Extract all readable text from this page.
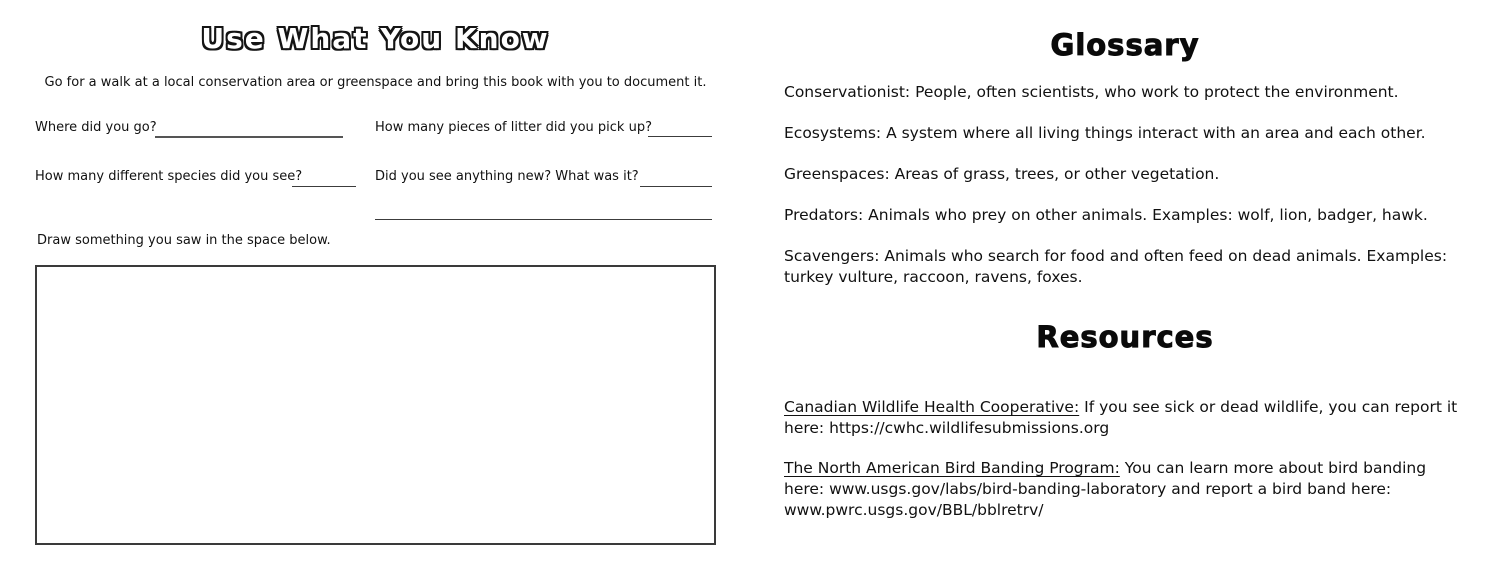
Use What You Know
Go for a walk at a local conservation area or greenspace and bring this book with you to document it.
Where did you go?	How many pieces of litter did you pick up?
How many different species did you see?	Did you see anything new? What was it?
Draw something you saw in the space below.
Glossary

Conservationist: People, often scientists, who work to protect the environment.

Ecosystems: A system where all living things interact with an area and each other.

Greenspaces: Areas of grass, trees, or other vegetation.

Predators: Animals who prey on other animals. Examples: wolf, lion, badger, hawk.

Scavengers: Animals who search for food and often feed on dead animals. Examples: turkey vulture, raccoon, ravens, foxes.

Resources

Canadian Wildlife Health Cooperative: If you see sick or dead wildlife, you can report it here: https://cwhc.wildlifesubmissions.org

The North American Bird Banding Program: You can learn more about bird banding here: www.usgs.gov/labs/bird-banding-laboratory and report a bird band here: www.pwrc.usgs.gov/BBL/bblretrv/
